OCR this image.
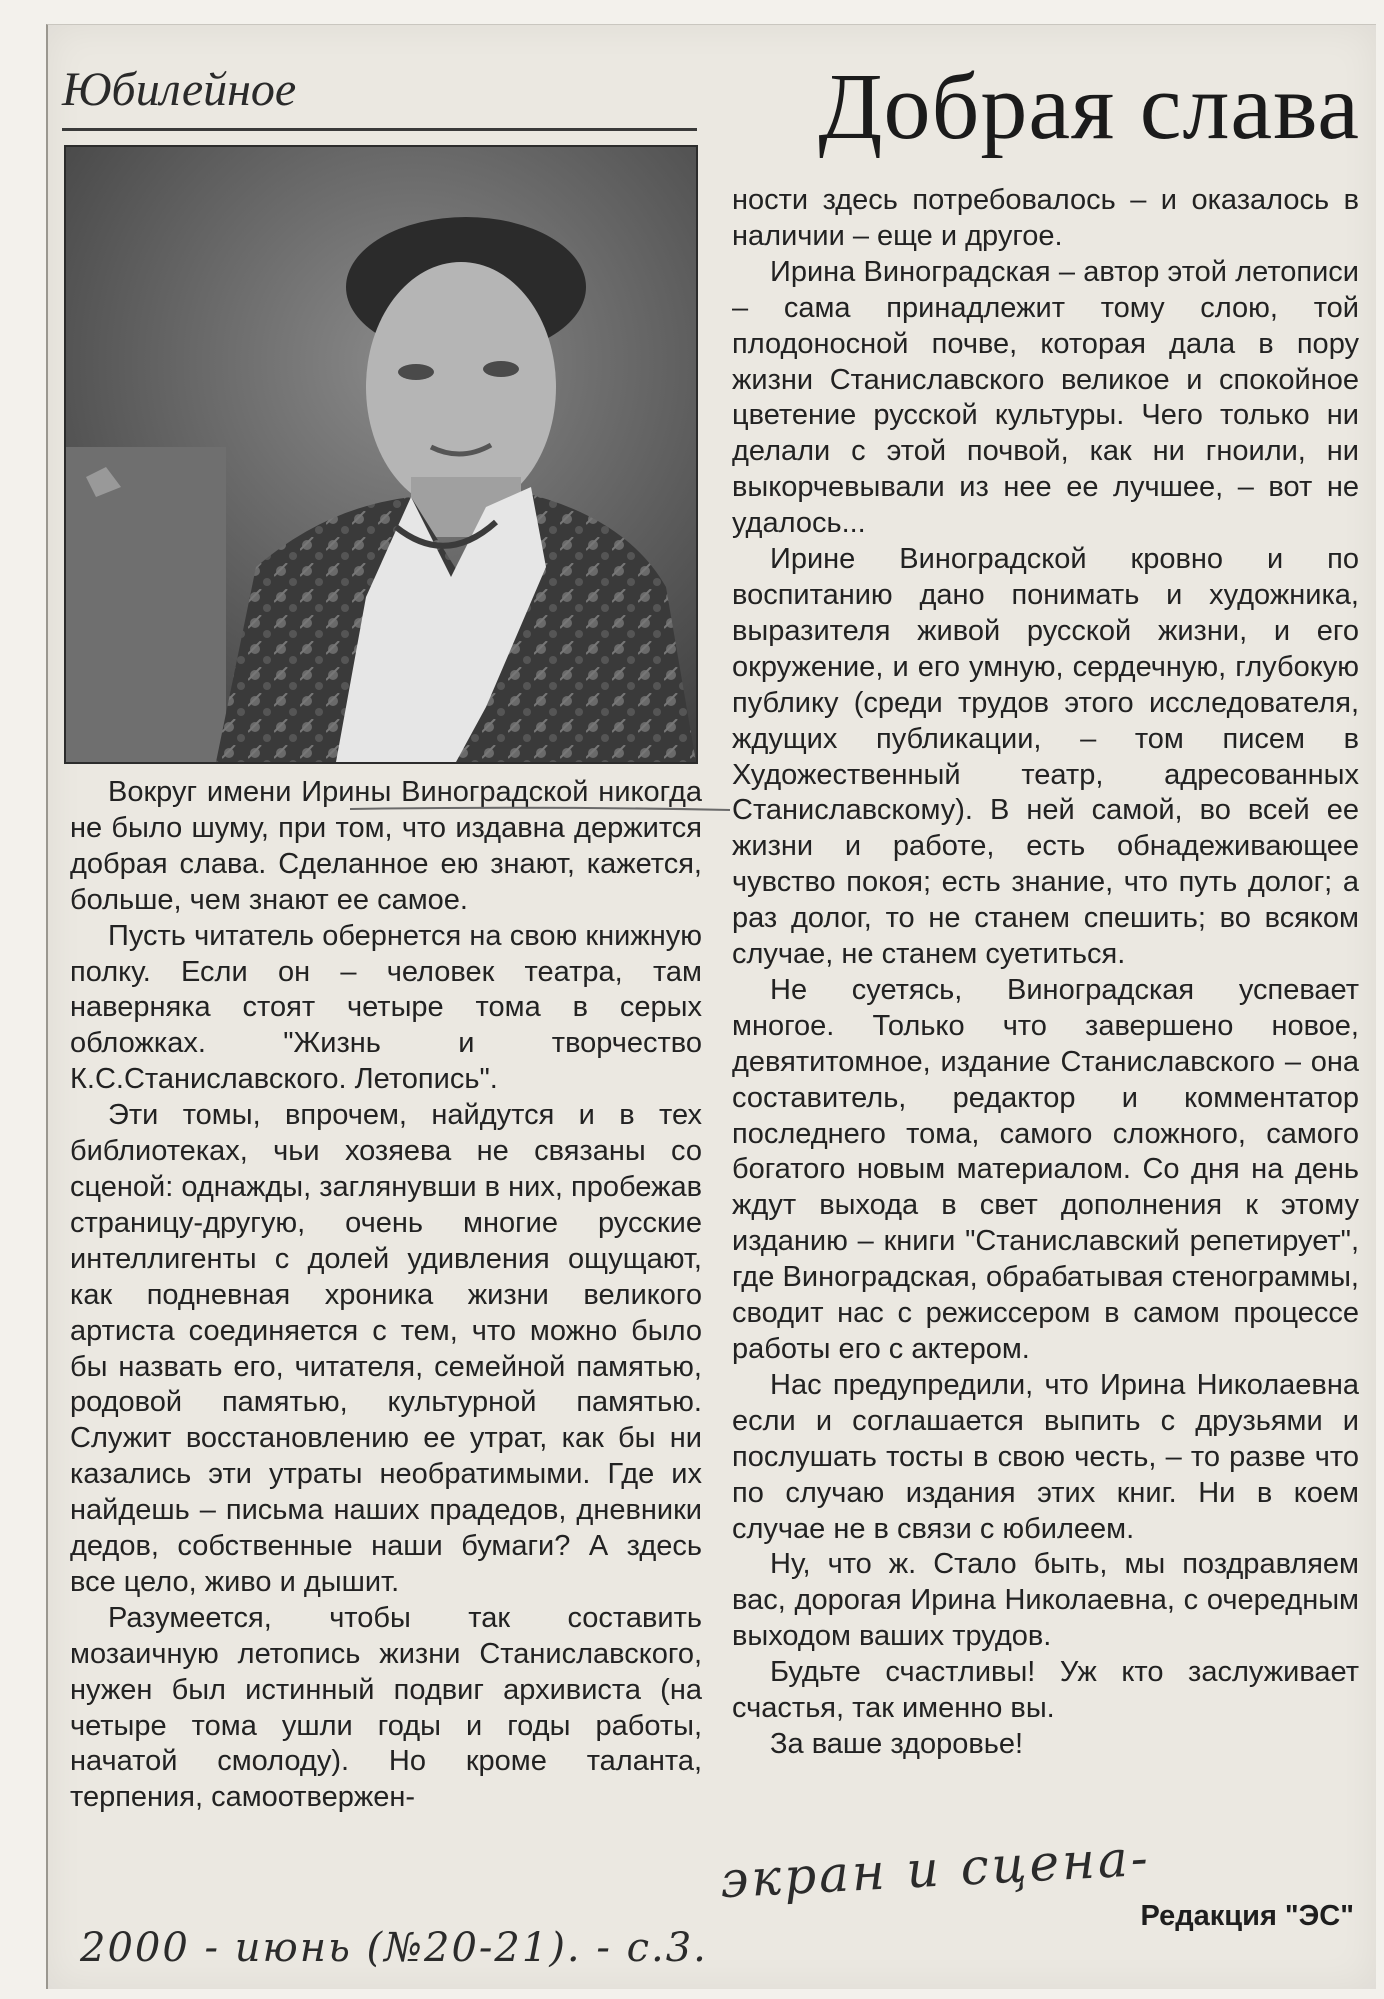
Юбилейное	Добрая слава

Вокруг имени Ирины Виноградской никогда не было шуму, при том, что издавна держится добрая слава. Сделанное ею знают, кажется, больше, чем знают ее самое.

Пусть читатель обернется на свою книжную полку. Если он – человек театра, там наверняка стоят четыре тома в серых обложках. "Жизнь и творчество К.С.Станиславского. Летопись".

Эти томы, впрочем, найдутся и в тех библиотеках, чьи хозяева не связаны со сценой: однажды, заглянувши в них, пробежав страницу-другую, очень многие русские интеллигенты с долей удивления ощущают, как подневная хроника жизни великого артиста соединяется с тем, что можно было бы назвать его, читателя, семейной памятью, родовой памятью, культурной памятью. Служит восстановлению ее утрат, как бы ни казались эти утраты необратимыми. Где их найдешь – письма наших прадедов, дневники дедов, собственные наши бумаги? А здесь все цело, живо и дышит.

Разумеется, чтобы так составить мозаичную летопись жизни Станиславского, нужен был истинный подвиг архивиста (на четыре тома ушли годы и годы работы, начатой смолоду). Но кроме таланта, терпения, самоотвержен-

ности здесь потребовалось – и оказалось в наличии – еще и другое.

Ирина Виноградская – автор этой летописи – сама принадлежит тому слою, той плодоносной почве, которая дала в пору жизни Станиславского великое и спокойное цветение русской культуры. Чего только ни делали с этой почвой, как ни гноили, ни выкорчевывали из нее ее лучшее, – вот не удалось...

Ирине Виноградской кровно и по воспитанию дано понимать и художника, выразителя живой русской жизни, и его окружение, и его умную, сердечную, глубокую публику (среди трудов этого исследователя, ждущих публикации, – том писем в Художественный театр, адресованных Станиславскому). В ней самой, во всей ее жизни и работе, есть обнадеживающее чувство покоя; есть знание, что путь долог; а раз долог, то не станем спешить; во всяком случае, не станем суетиться.

Не суетясь, Виноградская успевает многое. Только что завершено новое, девятитомное, издание Станиславского – она составитель, редактор и комментатор последнего тома, самого сложного, самого богатого новым материалом. Со дня на день ждут выхода в свет дополнения к этому изданию – книги "Станиславский репетирует", где Виноградская, обрабатывая стенограммы, сводит нас с режиссером в самом процессе работы его с актером.

Нас предупредили, что Ирина Николаевна если и соглашается выпить с друзьями и послушать тосты в свою честь, – то разве что по случаю издания этих книг. Ни в коем случае не в связи с юбилеем.

Ну, что ж. Стало быть, мы поздравляем вас, дорогая Ирина Николаевна, с очередным выходом ваших трудов.

Будьте счастливы! Уж кто заслуживает счастья, так именно вы.

За ваше здоровье!

экран и сцена-
Редакция "ЭС"
2000 - июнь (№20-21). - с.3.
